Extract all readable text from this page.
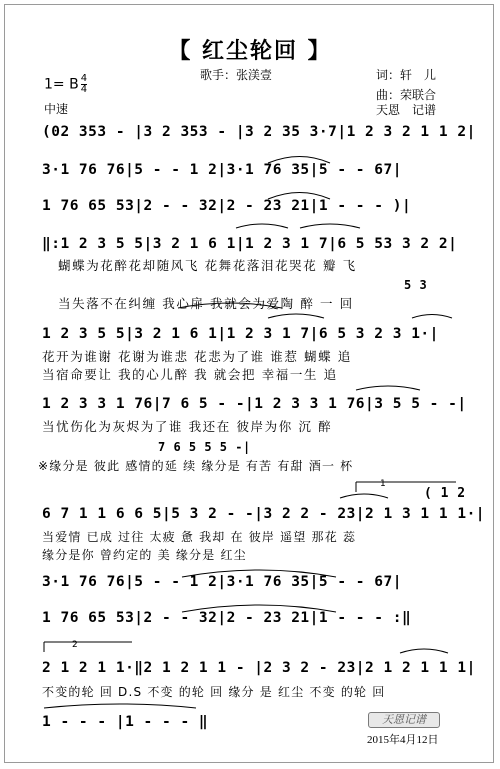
【 红尘轮回 】
1= B $\frac{4}{4}$	歌手：张渼壹	词：轩　儿
曲：荣联合
中速	天恩　记谱
(02 353 - |3 2 353 - |3 2 35 3·7|1 2 3 2 1 1 2|
3·1 76 76|5 - - 1 2|3·1 76 35|5 - - 67|
1 76 65 53|2 - - 32|2 - 23 21|1 - - - )|
‖:1 2 3 5 5|3 2 1 6 1|1 2 3 1 7|6 5 53 3 2 2|
蝴蝶为花醉花却随风飞 花舞花落泪花哭花 瓣 飞
5 3
当失落不在纠缠 我心扉 我就会为爱陶 醉 一 回
1 2 3 5 5|3 2 1 6 1|1 2 3 1 7|6 5 3 2 3 1·|
花开为谁谢 花谢为谁悲 花悲为了谁 谁惹 蝴蝶 追
当宿命要让 我的心儿醉 我 就会把 幸福一生 追
1 2 3 3 1 76|7 6 5 - -|1 2 3 3 1 76|3 5 5 - -|
当忧伤化为灰烬为了谁 我还在 彼岸为你 沉 醉
7 6 5 5 5 -|
※缘分是 彼此 感情的延 续 缘分是 有苦 有甜 酒一 杯
1
( 1 2
6 7 1 1 6 6 5|5 3 2 - -|3 2 2 - 23|2 1 3 1 1 1·|
当爱情 已成 过往 太疲 惫 我却 在 彼岸 遥望 那花 蕊
缘分是你 曾约定的 美 缘分是 红尘
3·1 76 76|5 - - 1 2|3·1 76 35|5 - - 67|
1 76 65 53|2 - - 32|2 - 23 21|1 - - - :‖
2
2 1 2 1 1·‖2 1 2 1 1 - |2 3 2 - 23|2 1 2 1 1 1|
不变的轮 回 D.S 不变 的轮 回 缘分 是 红尘 不变 的轮 回
1 - - - |1 - - - ‖	天恩记谱
2015年4月12日
